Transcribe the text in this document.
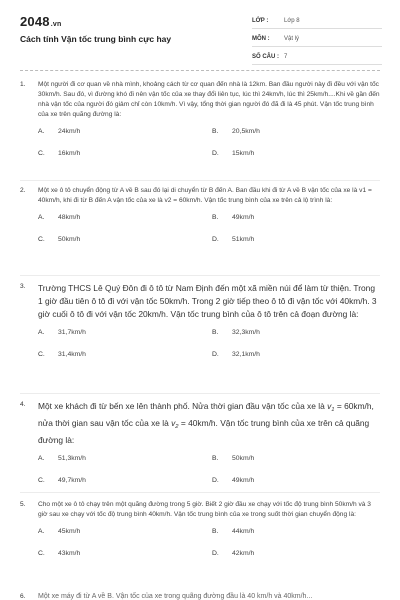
2048.vn
Cách tính Vận tốc trung bình cực hay
LỚP :	Lớp 8
MÔN :	Vật lý
SỐ CÂU : 7
1.	Một người đi cơ quan về nhà mình, khoảng cách từ cơ quan đến nhà là 12km. Ban đầu người này đi đều với vận tốc 30km/h. Sau đó, vì đường khó đi nên vận tốc của xe thay đổi liên tục, lúc thì 24km/h, lúc thì 25km/h....Khi về gần đến nhà vận tốc của người đó giảm chỉ còn 10km/h. Vì vậy, tổng thời gian người đó đã đi là 45 phút. Vận tốc trung bình của xe trên quãng đường là:
A.	24km/h	B.	20,5km/h
C.	16km/h	D.	15km/h
2.	Một xe ô tô chuyển động từ A về B sau đó lại di chuyển từ B đến A. Ban đầu khi đi từ A về B vận tốc của xe là v1 = 40km/h, khi đi từ B đến A vận tốc của xe là v2 = 60km/h. Vận tốc trung bình của xe trên cả lộ trình là:
A.	48km/h	B.	49km/h
C.	50km/h	D.	51km/h
3.	Trường THCS Lê Quý Đôn đi ô tô từ Nam Định đến một xã miền núi để làm từ thiện. Trong 1 giờ đầu tiên ô tô đi với vận tốc 50km/h. Trong 2 giờ tiếp theo ô tô đi vận tốc với 40km/h. 3 giờ cuối ô tô đi với vận tốc 20km/h. Vận tốc trung bình của ô tô trên cả đoạn đường là:
A.	31,7km/h	B.	32,3km/h
C.	31,4km/h	D.	32,1km/h
4.	Một xe khách đi từ bến xe lên thành phố. Nửa thời gian đầu vận tốc của xe là $v_1 = 60km/h$, nửa thời gian sau vận tốc của xe là $v_2 = 40km/h$. Vận tốc trung bình của xe trên cả quãng đường là:
A.	51,3km/h	B.	50km/h
C.	49,7km/h	D.	49km/h
5.	Cho một xe ô tô chạy trên một quãng đường trong 5 giờ. Biết 2 giờ đầu xe chạy với tốc độ trung bình 50km/h và 3 giờ sau xe chạy với tốc độ trung bình 40km/h. Vận tốc trung bình của xe trong suốt thời gian chuyển động là:
A.	45km/h	B.	44km/h
C.	43km/h	D.	42km/h
6.	Một xe máy đi từ A về B. Vận tốc của xe trong quãng đường đầu là 40 km/h và 40km/h...
